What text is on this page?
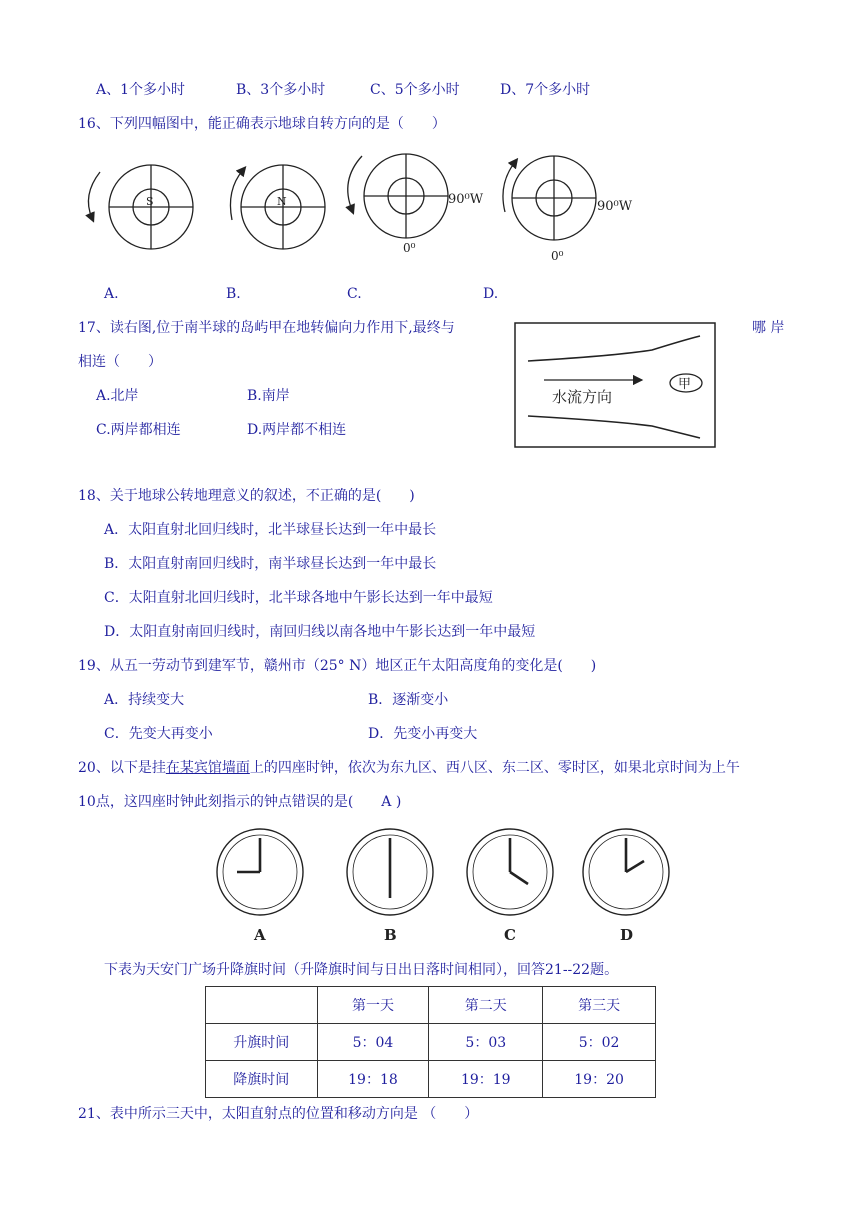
A、1个多小时	B、3个多小时	C、5个多小时	D、7个多小时
16、下列四幅图中，能正确表示地球自转方向的是（　　）
S	N	90⁰W
0⁰
90⁰W
0⁰
A.	B.	C.	D.
17、读右图,位于南半球的岛屿甲在地转偏向力作用下,最终与	哪 岸
相连（　　）
A.北岸	B.南岸
C.两岸都相连	D.两岸都不相连
甲
水流方向
18、关于地球公转地理意义的叙述，不正确的是(　　)
A．太阳直射北回归线时，北半球昼长达到一年中最长
B．太阳直射南回归线时，南半球昼长达到一年中最长
C．太阳直射北回归线时，北半球各地中午影长达到一年中最短
D．太阳直射南回归线时，南回归线以南各地中午影长达到一年中最短
19、从五一劳动节到建军节，赣州市（25° N）地区正午太阳高度角的变化是(　　)
A．持续变大	B．逐渐变小
C．先变大再变小	D．先变小再变大
20、以下是挂在某宾馆墙面上的四座时钟，依次为东九区、西八区、东二区、零时区，如果北京时间为上午
10点，这四座时钟此刻指示的钟点错误的是(　　A )
A	B	C	D
下表为天安门广场升降旗时间（升降旗时间与日出日落时间相同），回答21--22题。
	第一天	第二天	第三天
升旗时间	5：04	5：03	5：02
降旗时间	19：18	19：19	19：20
21、表中所示三天中，太阳直射点的位置和移动方向是 （　　）
